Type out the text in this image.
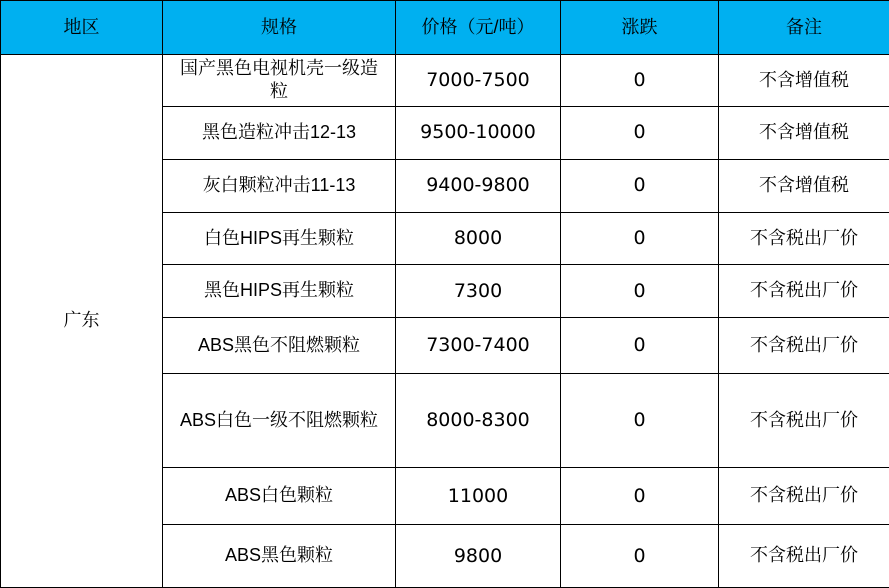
地区	规格	价格（元/吨）	涨跌	备注
广东	国产黑色电视机壳一级造粒	7000-7500	0	不含增值税
	黑色造粒冲击12-13	9500-10000	0	不含增值税
	灰白颗粒冲击11-13	9400-9800	0	不含增值税
	白色HIPS再生颗粒	8000	0	不含税出厂价
	黑色HIPS再生颗粒	7300	0	不含税出厂价
	ABS黑色不阻燃颗粒	7300-7400	0	不含税出厂价
	ABS白色一级不阻燃颗粒	8000-8300	0	不含税出厂价
	ABS白色颗粒	11000	0	不含税出厂价
	ABS黑色颗粒	9800	0	不含税出厂价
